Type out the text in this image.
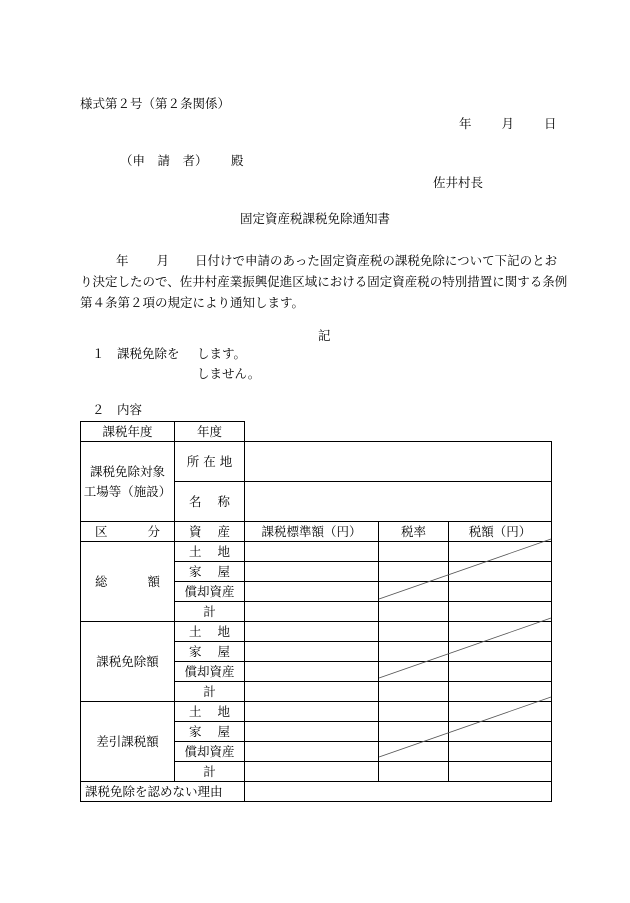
様式第２号（第２条関係）
年 月 日
（申　請　者） 殿
佐井村長
固定資産税課税免除通知書
年 月 日付けで申請のあった固定資産税の課税免除について下記のとお
り決定したので、佐井村産業振興促進区域における固定資産税の特別措置に関する条例
第４条第２項の規定により通知します。
記
１　課税免除を します。
しません。
２　内容
課税年度	年度			
課税免除対象
工場等（施設）	所 在 地			
	名称			
区分	資産	課税標準額（円）	税率	税額（円）
総額	土地			
	家屋			
	償却資産			
	計			
課税免除額	土地			
	家屋			
	償却資産			
	計			
差引課税額	土地			
	家屋			
	償却資産			
	計			
課税免除を認めない理由				
